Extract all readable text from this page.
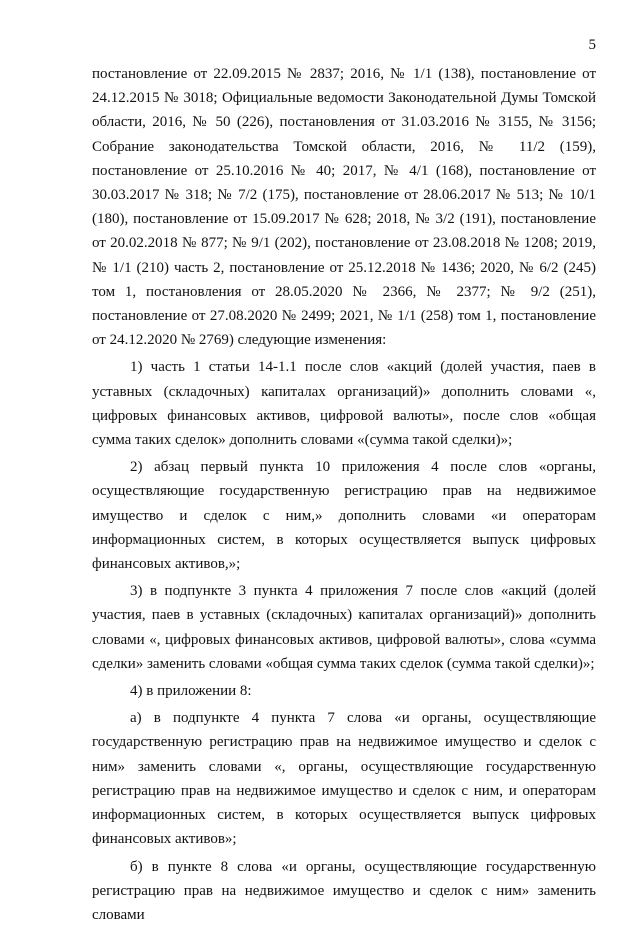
5

постановление от 22.09.2015 № 2837; 2016, № 1/1 (138), постановление от 24.12.2015 № 3018; Официальные ведомости Законодательной Думы Томской области, 2016, № 50 (226), постановления от 31.03.2016 № 3155, № 3156; Собрание законодательства Томской области, 2016, № 11/2 (159), постановление от 25.10.2016 № 40; 2017, № 4/1 (168), постановление от 30.03.2017 № 318; № 7/2 (175), постановление от 28.06.2017 № 513; № 10/1 (180), постановление от 15.09.2017 № 628; 2018, № 3/2 (191), постановление от 20.02.2018 № 877; № 9/1 (202), постановление от 23.08.2018 № 1208; 2019, № 1/1 (210) часть 2, постановление от 25.12.2018 № 1436; 2020, № 6/2 (245) том 1, постановления от 28.05.2020 № 2366, № 2377; № 9/2 (251), постановление от 27.08.2020 № 2499; 2021, № 1/1 (258) том 1, постановление от 24.12.2020 № 2769) следующие изменения:

1) часть 1 статьи 14-1.1 после слов «акций (долей участия, паев в уставных (складочных) капиталах организаций)» дополнить словами «, цифровых финансовых активов, цифровой валюты», после слов «общая сумма таких сделок» дополнить словами «(сумма такой сделки)»;

2) абзац первый пункта 10 приложения 4 после слов «органы, осуществляющие государственную регистрацию прав на недвижимое имущество и сделок с ним,» дополнить словами «и операторам информационных систем, в которых осуществляется выпуск цифровых финансовых активов,»;

3) в подпункте 3 пункта 4 приложения 7 после слов «акций (долей участия, паев в уставных (складочных) капиталах организаций)» дополнить словами «, цифровых финансовых активов, цифровой валюты», слова «сумма сделки» заменить словами «общая сумма таких сделок (сумма такой сделки)»;

4) в приложении 8:

а) в подпункте 4 пункта 7 слова «и органы, осуществляющие государственную регистрацию прав на недвижимое имущество и сделок с ним» заменить словами «, органы, осуществляющие государственную регистрацию прав на недвижимое имущество и сделок с ним, и операторам информационных систем, в которых осуществляется выпуск цифровых финансовых активов»;

б) в пункте 8 слова «и органы, осуществляющие государственную регистрацию прав на недвижимое имущество и сделок с ним» заменить словами
